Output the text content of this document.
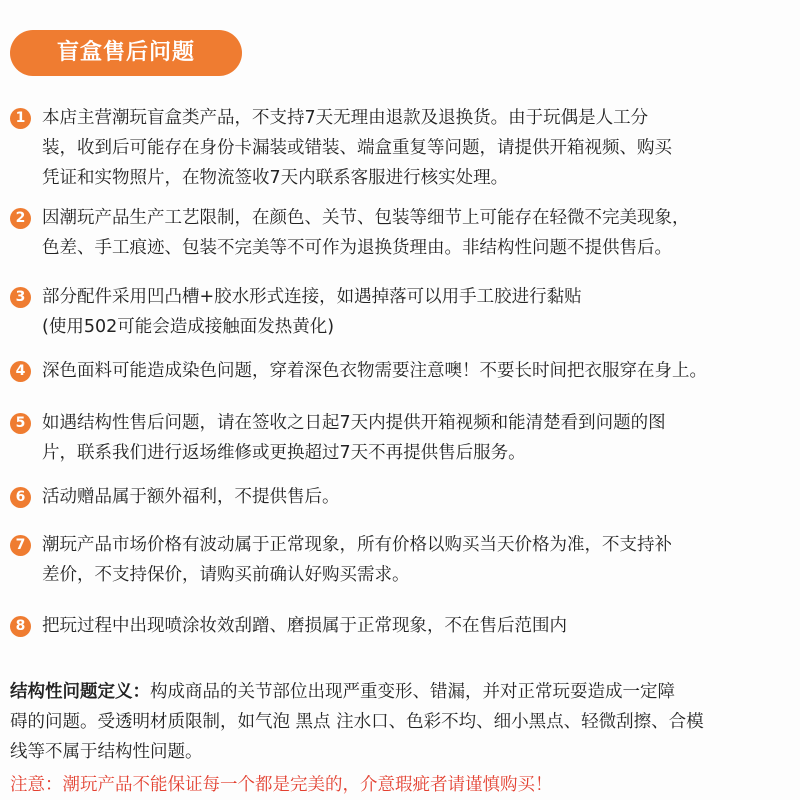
盲盒售后问题
1 本店主营潮玩盲盒类产品，不支持7天无理由退款及退换货。由于玩偶是人工分
装，收到后可能存在身份卡漏装或错装、端盒重复等问题，请提供开箱视频、购买
凭证和实物照片，在物流签收7天内联系客服进行核实处理。
2 因潮玩产品生产工艺限制，在颜色、关节、包装等细节上可能存在轻微不完美现象，
色差、手工痕迹、包装不完美等不可作为退换货理由。非结构性问题不提供售后。
3 部分配件采用凹凸槽+胶水形式连接，如遇掉落可以用手工胶进行黏贴
(使用502可能会造成接触面发热黄化)
4 深色面料可能造成染色问题，穿着深色衣物需要注意噢！不要长时间把衣服穿在身上。
5 如遇结构性售后问题，请在签收之日起7天内提供开箱视频和能清楚看到问题的图
片，联系我们进行返场维修或更换超过7天不再提供售后服务。
6 活动赠品属于额外福利，不提供售后。
7 潮玩产品市场价格有波动属于正常现象，所有价格以购买当天价格为准，不支持补
差价，不支持保价，请购买前确认好购买需求。
8 把玩过程中出现喷涂妆效刮蹭、磨损属于正常现象，不在售后范围内
结构性问题定义：构成商品的关节部位出现严重变形、错漏，并对正常玩耍造成一定障
碍的问题。受透明材质限制，如气泡 黑点 注水口、色彩不均、细小黑点、轻微刮擦、合模
线等不属于结构性问题。
注意：潮玩产品不能保证每一个都是完美的，介意瑕疵者请谨慎购买！
